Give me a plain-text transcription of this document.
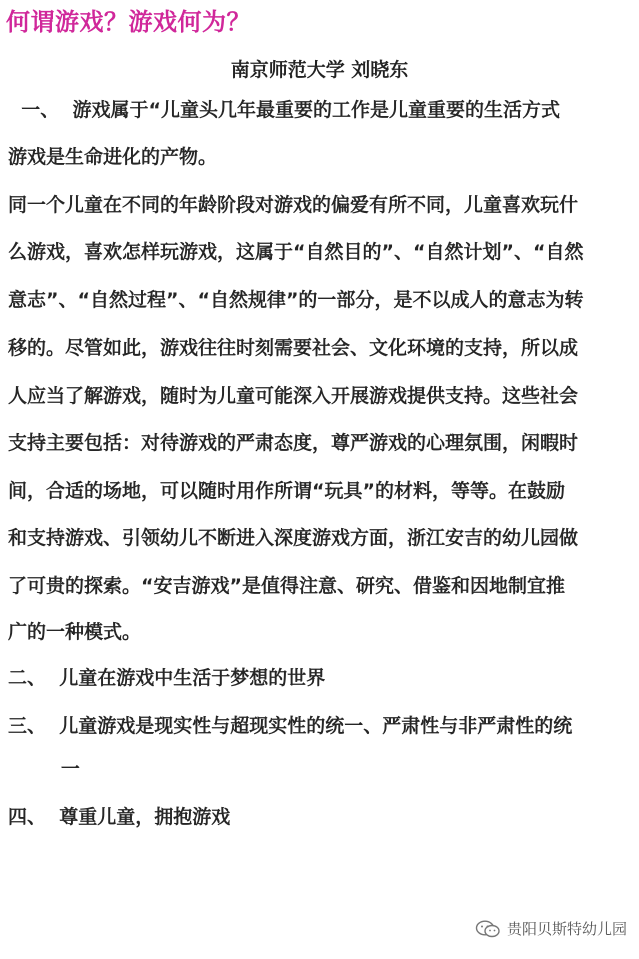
何谓游戏？游戏何为？
南京师范大学 刘晓东
一、  游戏属于“儿童头几年最重要的工作是儿童重要的生活方式
游戏是生命进化的产物。
同一个儿童在不同的年龄阶段对游戏的偏爱有所不同，儿童喜欢玩什
么游戏，喜欢怎样玩游戏，这属于“自然目的”、“自然计划”、“自然
意志”、“自然过程”、“自然规律”的一部分，是不以成人的意志为转
移的。尽管如此，游戏往往时刻需要社会、文化环境的支持，所以成
人应当了解游戏，随时为儿童可能深入开展游戏提供支持。这些社会
支持主要包括：对待游戏的严肃态度，尊严游戏的心理氛围，闲暇时
间，合适的场地，可以随时用作所谓“玩具”的材料，等等。在鼓励
和支持游戏、引领幼儿不断进入深度游戏方面，浙江安吉的幼儿园做
了可贵的探索。“安吉游戏”是值得注意、研究、借鉴和因地制宜推
广的一种模式。
二、  儿童在游戏中生活于梦想的世界
三、  儿童游戏是现实性与超现实性的统一、严肃性与非严肃性的统
一
四、  尊重儿童，拥抱游戏
贵阳贝斯特幼儿园
